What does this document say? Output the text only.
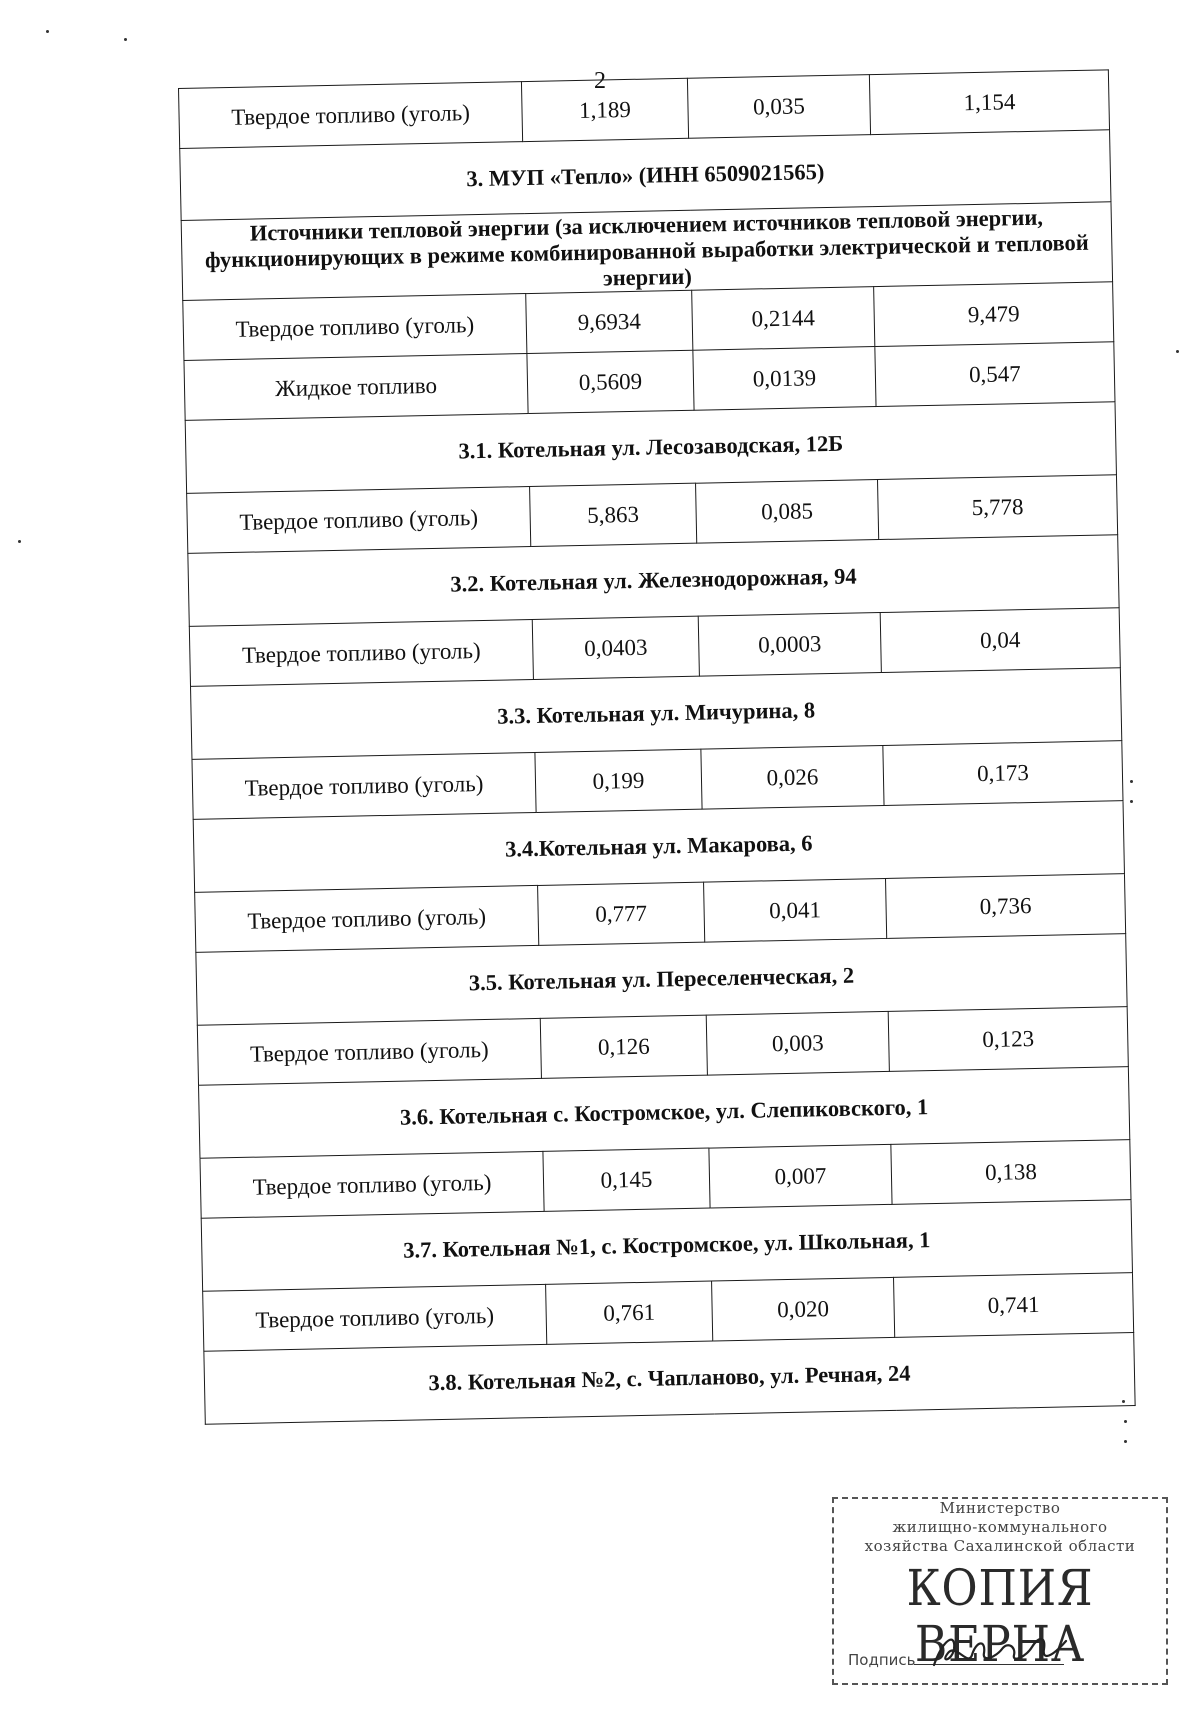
2
Твердое топливо (уголь)	1,189	0,035	1,154
3. МУП «Тепло» (ИНН 6509021565)			
Источники тепловой энергии (за исключением источников тепловой энергии, функционирующих в режиме комбинированной выработки электрической и тепловой энергии)			
Твердое топливо (уголь)	9,6934	0,2144	9,479
Жидкое топливо	0,5609	0,0139	0,547
3.1. Котельная ул. Лесозаводская, 12Б			
Твердое топливо (уголь)	5,863	0,085	5,778
3.2. Котельная ул. Железнодорожная, 94			
Твердое топливо (уголь)	0,0403	0,0003	0,04
3.3. Котельная ул. Мичурина, 8			
Твердое топливо (уголь)	0,199	0,026	0,173
3.4.Котельная ул. Макарова, 6			
Твердое топливо (уголь)	0,777	0,041	0,736
3.5. Котельная ул. Переселенческая, 2			
Твердое топливо (уголь)	0,126	0,003	0,123
3.6. Котельная с. Костромское, ул. Слепиковского, 1			
Твердое топливо (уголь)	0,145	0,007	0,138
3.7. Котельная №1, с. Костромское, ул. Школьная, 1			
Твердое топливо (уголь)	0,761	0,020	0,741
3.8. Котельная №2, с. Чапланово, ул. Речная, 24			
Министерство
жилищно-коммунального
хозяйства Сахалинской области
КОПИЯ ВЕРНА
Подпись
